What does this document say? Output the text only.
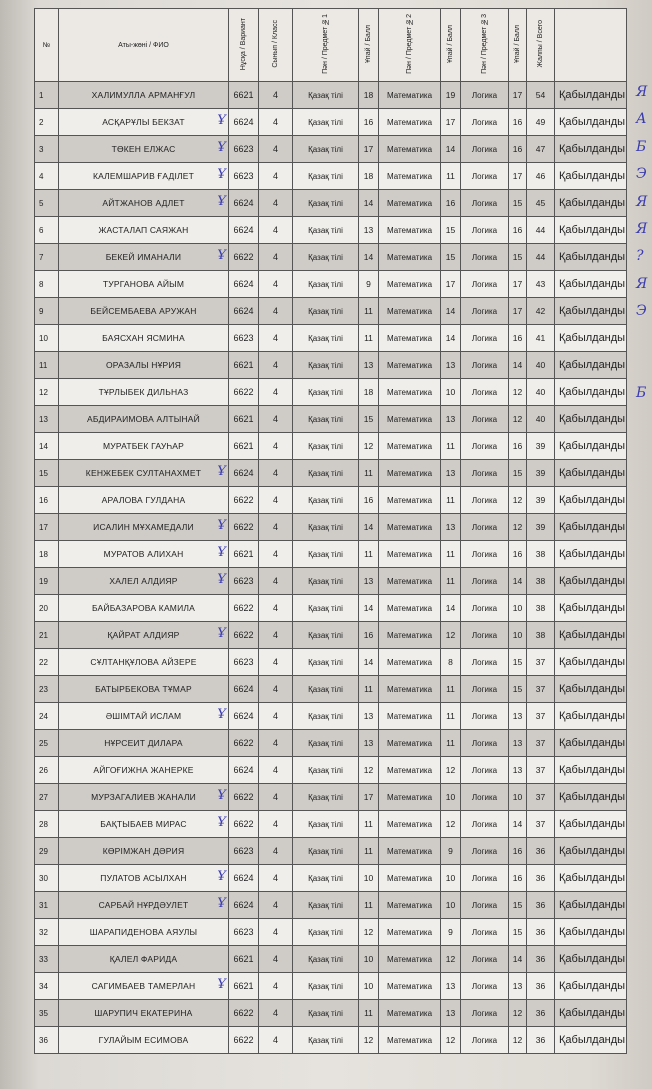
№	Аты-жөні / ФИО	Нұсқа / Вариант	Сынып / Класс	Пән / Предмет №1	Ұпай / Балл	Пән / Предмет №2	Ұпай / Балл	Пән / Предмет №3	Ұпай / Балл	Жалпы / Всего	
1	ХАЛИМУЛЛА АРМАНҒУЛ	6621	4	Қазақ тілі	18	Математика	19	Логика	17	54	Қабылданды
2	АСҚАРҰЛЫ БЕКЗАТ Ұ	6624	4	Қазақ тілі	16	Математика	17	Логика	16	49	Қабылданды
3	ТӨКЕН ЕЛЖАС Ұ	6623	4	Қазақ тілі	17	Математика	14	Логика	16	47	Қабылданды
4	КАЛЕМШАРИВ ҒАДІЛЕТ Ұ	6623	4	Қазақ тілі	18	Математика	11	Логика	17	46	Қабылданды
5	АЙТЖАНОВ АДЛЕТ Ұ	6624	4	Қазақ тілі	14	Математика	16	Логика	15	45	Қабылданды
6	ЖАСТАЛАП САЯЖАН	6624	4	Қазақ тілі	13	Математика	15	Логика	16	44	Қабылданды
7	БЕКЕЙ ИМАНАЛИ Ұ	6622	4	Қазақ тілі	14	Математика	15	Логика	15	44	Қабылданды
8	ТУРГАНОВА АЙЫМ	6624	4	Қазақ тілі	9	Математика	17	Логика	17	43	Қабылданды
9	БЕЙСЕМБАЕВА АРУЖАН	6624	4	Қазақ тілі	11	Математика	14	Логика	17	42	Қабылданды
10	БАЯСХАН ЯСМИНА	6623	4	Қазақ тілі	11	Математика	14	Логика	16	41	Қабылданды
11	ОРАЗАЛЫ НҰРИЯ	6621	4	Қазақ тілі	13	Математика	13	Логика	14	40	Қабылданды
12	ТҰРЛЫБЕК ДИЛЬНАЗ	6622	4	Қазақ тілі	18	Математика	10	Логика	12	40	Қабылданды
13	АБДИРАИМОВА АЛТЫНАЙ	6621	4	Қазақ тілі	15	Математика	13	Логика	12	40	Қабылданды
14	МУРАТБЕК ГАУҺАР	6621	4	Қазақ тілі	12	Математика	11	Логика	16	39	Қабылданды
15	КЕНЖЕБЕК СУЛТАНАХМЕТ Ұ	6624	4	Қазақ тілі	11	Математика	13	Логика	15	39	Қабылданды
16	АРАЛОВА ГУЛДАНА	6622	4	Қазақ тілі	16	Математика	11	Логика	12	39	Қабылданды
17	ИСАЛИН МҰХАМЕДАЛИ Ұ	6622	4	Қазақ тілі	14	Математика	13	Логика	12	39	Қабылданды
18	МУРАТОВ АЛИХАН Ұ	6621	4	Қазақ тілі	11	Математика	11	Логика	16	38	Қабылданды
19	ХАЛЕЛ АЛДИЯР Ұ	6623	4	Қазақ тілі	13	Математика	11	Логика	14	38	Қабылданды
20	БАЙБАЗАРОВА КАМИЛА	6622	4	Қазақ тілі	14	Математика	14	Логика	10	38	Қабылданды
21	ҚАЙРАТ АЛДИЯР Ұ	6622	4	Қазақ тілі	16	Математика	12	Логика	10	38	Қабылданды
22	СҰЛТАНҚҰЛОВА АЙЗЕРЕ	6623	4	Қазақ тілі	14	Математика	8	Логика	15	37	Қабылданды
23	БАТЫРБЕКОВА ТҰМАР	6624	4	Қазақ тілі	11	Математика	11	Логика	15	37	Қабылданды
24	ӘШІМТАЙ ИСЛАМ Ұ	6624	4	Қазақ тілі	13	Математика	11	Логика	13	37	Қабылданды
25	НҰРСЕИТ ДИЛАРА	6622	4	Қазақ тілі	13	Математика	11	Логика	13	37	Қабылданды
26	АЙГОҒИЖНА ЖАНЕРКЕ	6624	4	Қазақ тілі	12	Математика	12	Логика	13	37	Қабылданды
27	МУРЗАГАЛИЕВ ЖАНАЛИ Ұ	6622	4	Қазақ тілі	17	Математика	10	Логика	10	37	Қабылданды
28	БАҚТЫБАЕВ МИРАС Ұ	6622	4	Қазақ тілі	11	Математика	12	Логика	14	37	Қабылданды
29	КӨРІМЖАН ДӘРИЯ	6623	4	Қазақ тілі	11	Математика	9	Логика	16	36	Қабылданды
30	ПУЛАТОВ АСЫЛХАН Ұ	6624	4	Қазақ тілі	10	Математика	10	Логика	16	36	Қабылданды
31	САРБАЙ НҰРДӘУЛЕТ Ұ	6624	4	Қазақ тілі	11	Математика	10	Логика	15	36	Қабылданды
32	ШАРАПИДЕНОВА АЯУЛЫ	6623	4	Қазақ тілі	12	Математика	9	Логика	15	36	Қабылданды
33	ҚАЛЕЛ ФАРИДА	6621	4	Қазақ тілі	10	Математика	12	Логика	14	36	Қабылданды
34	САГИМБАЕВ ТАМЕРЛАН Ұ	6621	4	Қазақ тілі	10	Математика	13	Логика	13	36	Қабылданды
35	ШАРУПИЧ ЕКАТЕРИНА	6622	4	Қазақ тілі	11	Математика	13	Логика	12	36	Қабылданды
36	ГУЛАЙЫМ ЕСИМОВА	6622	4	Қазақ тілі	12	Математика	12	Логика	12	36	Қабылданды
Я
А
Б
Э
Я
Я
?
Я
Э
Б
